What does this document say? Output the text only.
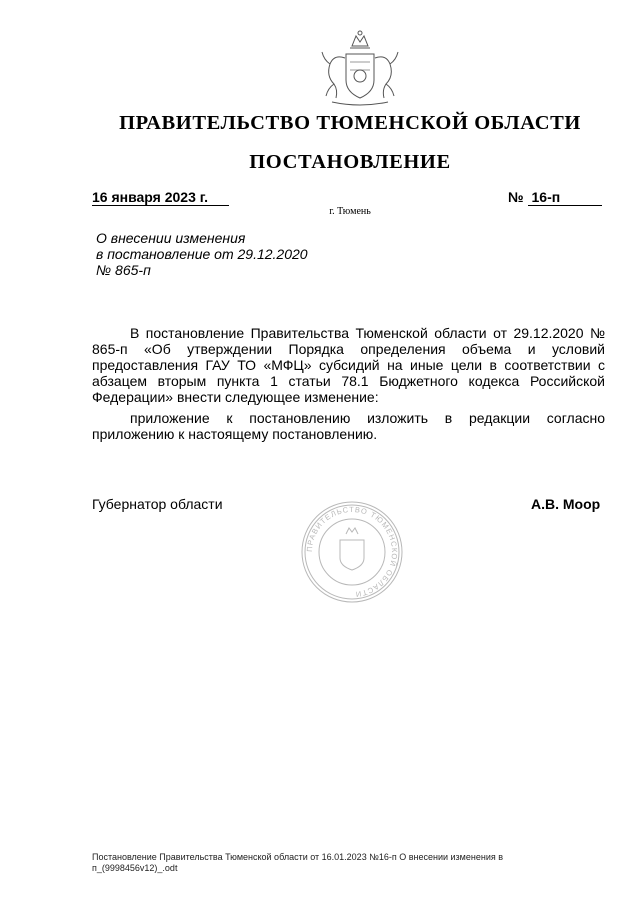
ПРАВИТЕЛЬСТВО ТЮМЕНСКОЙ ОБЛАСТИ
ПОСТАНОВЛЕНИЕ
16 января 2023 г.	№ 16-п
г. Тюмень
О внесении изменения
в постановление от 29.12.2020
№ 865-п

В постановление Правительства Тюменской области от 29.12.2020 № 865-п «Об утверждении Порядка определения объема и условий предоставления ГАУ ТО «МФЦ» субсидий на иные цели в соответствии с абзацем вторым пункта 1 статьи 78.1 Бюджетного кодекса Российской Федерации» внести следующее изменение:

приложение к постановлению изложить в редакции согласно приложению к настоящему постановлению.

Губернатор области	А.В. Моор
ПРАВИТЕЛЬСТВО ТЮМЕНСКОЙ ОБЛАСТИ
Постановление Правительства Тюменской области от 16.01.2023 №16-п О внесении изменения в
п_(9998456v12)_.odt
